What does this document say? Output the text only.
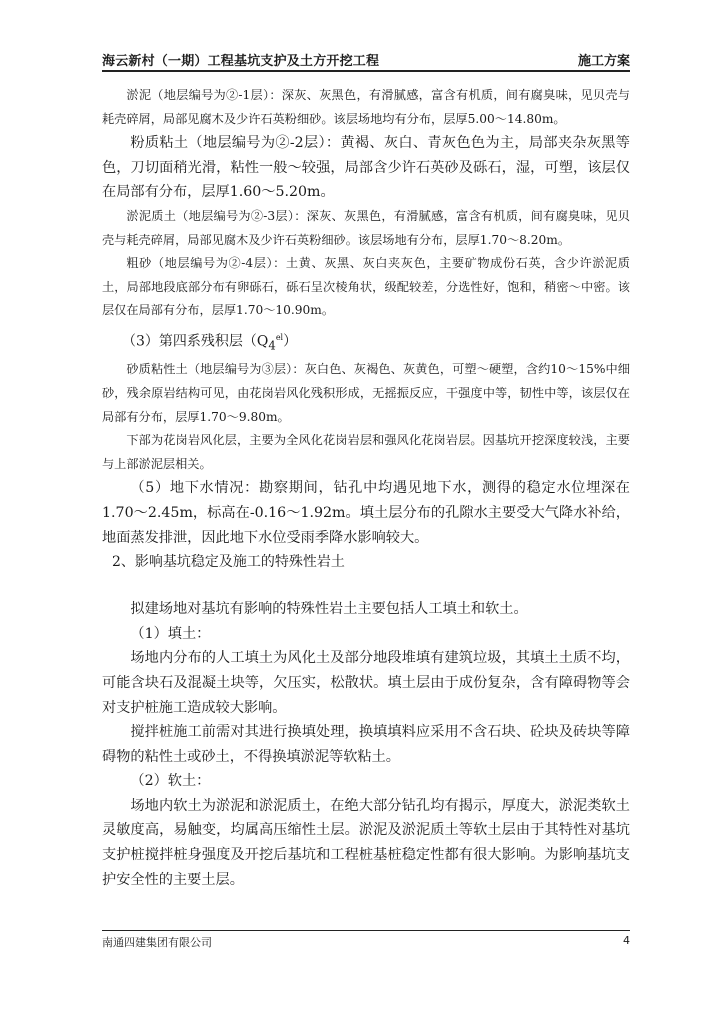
海云新村（一期）工程基坑支护及土方开挖工程	施工方案

淤泥（地层编号为②-1层）：深灰、灰黑色，有滑腻感，富含有机质，间有腐臭味，见贝壳与耗壳碎屑，局部见腐木及少许石英粉细砂。该层场地均有分布，层厚5.00～14.80m。

粉质粘土（地层编号为②-2层）：黄褐、灰白、青灰色色为主，局部夹杂灰黑等色，刀切面稍光滑，粘性一般～较强，局部含少许石英砂及砾石，湿，可塑，该层仅在局部有分布，层厚1.60～5.20m。

淤泥质土（地层编号为②-3层）：深灰、灰黑色，有滑腻感，富含有机质，间有腐臭味，见贝壳与耗壳碎屑，局部见腐木及少许石英粉细砂。该层场地有分布，层厚1.70～8.20m。

粗砂（地层编号为②-4层）：土黄、灰黑、灰白夹灰色，主要矿物成份石英，含少许淤泥质土，局部地段底部分布有卵砾石，砾石呈次棱角状，级配较差，分选性好，饱和，稍密～中密。该层仅在局部有分布，层厚1.70～10.90m。

（3）第四系残积层$(Q_4^{el})$

砂质粘性土（地层编号为③层）：灰白色、灰褐色、灰黄色，可塑～硬塑，含约10～15%中细砂，残余原岩结构可见，由花岗岩风化残积形成，无摇振反应，干强度中等，韧性中等，该层仅在局部有分布，层厚1.70～9.80m。

下部为花岗岩风化层，主要为全风化花岗岩层和强风化花岗岩层。因基坑开挖深度较浅，主要与上部淤泥层相关。

（5）地下水情况：勘察期间，钻孔中均遇见地下水，测得的稳定水位埋深在1.70～2.45m，标高在-0.16～1.92m。填土层分布的孔隙水主要受大气降水补给，地面蒸发排泄，因此地下水位受雨季降水影响较大。

2、影响基坑稳定及施工的特殊性岩土

拟建场地对基坑有影响的特殊性岩土主要包括人工填土和软土。

（1）填土：

场地内分布的人工填土为风化土及部分地段堆填有建筑垃圾，其填土土质不均，可能含块石及混凝土块等，欠压实，松散状。填土层由于成份复杂，含有障碍物等会对支护桩施工造成较大影响。

搅拌桩施工前需对其进行换填处理，换填填料应采用不含石块、砼块及砖块等障碍物的粘性土或砂土，不得换填淤泥等软粘土。

（2）软土：

场地内软土为淤泥和淤泥质土，在绝大部分钻孔均有揭示，厚度大，淤泥类软土灵敏度高，易触变，均属高压缩性土层。淤泥及淤泥质土等软土层由于其特性对基坑支护桩搅拌桩身强度及开挖后基坑和工程桩基桩稳定性都有很大影响。为影响基坑支护安全性的主要土层。

南通四建集团有限公司	4
